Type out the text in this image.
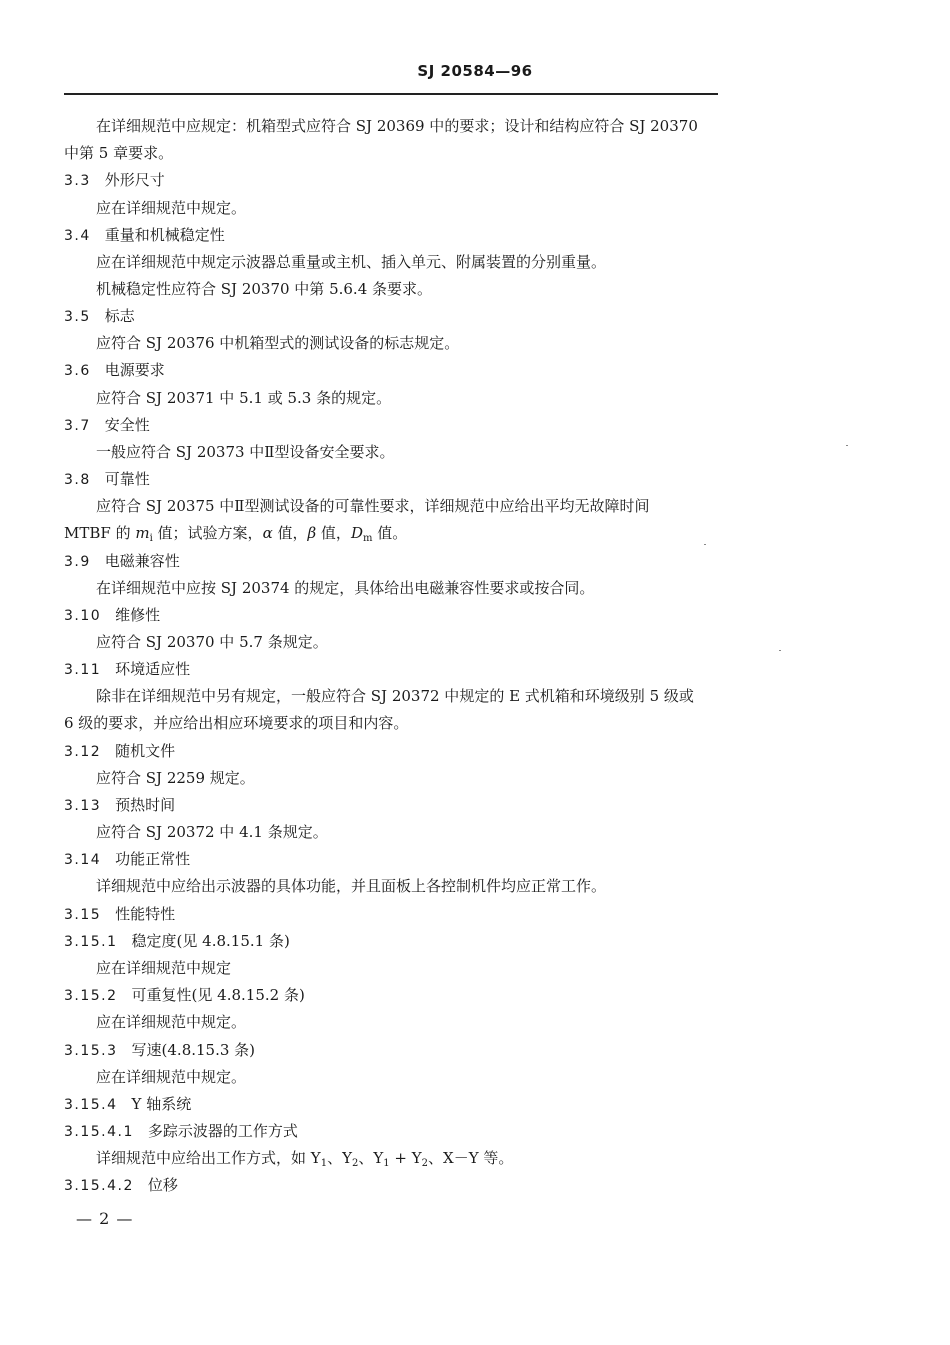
SJ 20584—96
在详细规范中应规定：机箱型式应符合 SJ 20369 中的要求；设计和结构应符合 SJ 20370
中第 5 章要求。
3.3 外形尺寸
应在详细规范中规定。
3.4 重量和机械稳定性
应在详细规范中规定示波器总重量或主机、插入单元、附属装置的分别重量。
机械稳定性应符合 SJ 20370 中第 5.6.4 条要求。
3.5 标志
应符合 SJ 20376 中机箱型式的测试设备的标志规定。
3.6 电源要求
应符合 SJ 20371 中 5.1 或 5.3 条的规定。
3.7 安全性
一般应符合 SJ 20373 中Ⅱ型设备安全要求。
3.8 可靠性
应符合 SJ 20375 中Ⅱ型测试设备的可靠性要求，详细规范中应给出平均无故障时间
MTBF 的 $m_i$ 值；试验方案，α 值，β 值，$D_m$ 值。
3.9 电磁兼容性
在详细规范中应按 SJ 20374 的规定，具体给出电磁兼容性要求或按合同。
3.10 维修性
应符合 SJ 20370 中 5.7 条规定。
3.11 环境适应性
除非在详细规范中另有规定，一般应符合 SJ 20372 中规定的 E 式机箱和环境级别 5 级或
6 级的要求，并应给出相应环境要求的项目和内容。
3.12 随机文件
应符合 SJ 2259 规定。
3.13 预热时间
应符合 SJ 20372 中 4.1 条规定。
3.14 功能正常性
详细规范中应给出示波器的具体功能，并且面板上各控制机件均应正常工作。
3.15 性能特性
3.15.1 稳定度(见 4.8.15.1 条)
应在详细规范中规定
3.15.2 可重复性(见 4.8.15.2 条)
应在详细规范中规定。
3.15.3 写速(4.8.15.3 条)
应在详细规范中规定。
3.15.4 Y 轴系统
3.15.4.1 多踪示波器的工作方式
详细规范中应给出工作方式，如 $Y_1$、$Y_2$、$Y_1 + Y_2$、X－Y 等。
3.15.4.2 位移
— 2 —
